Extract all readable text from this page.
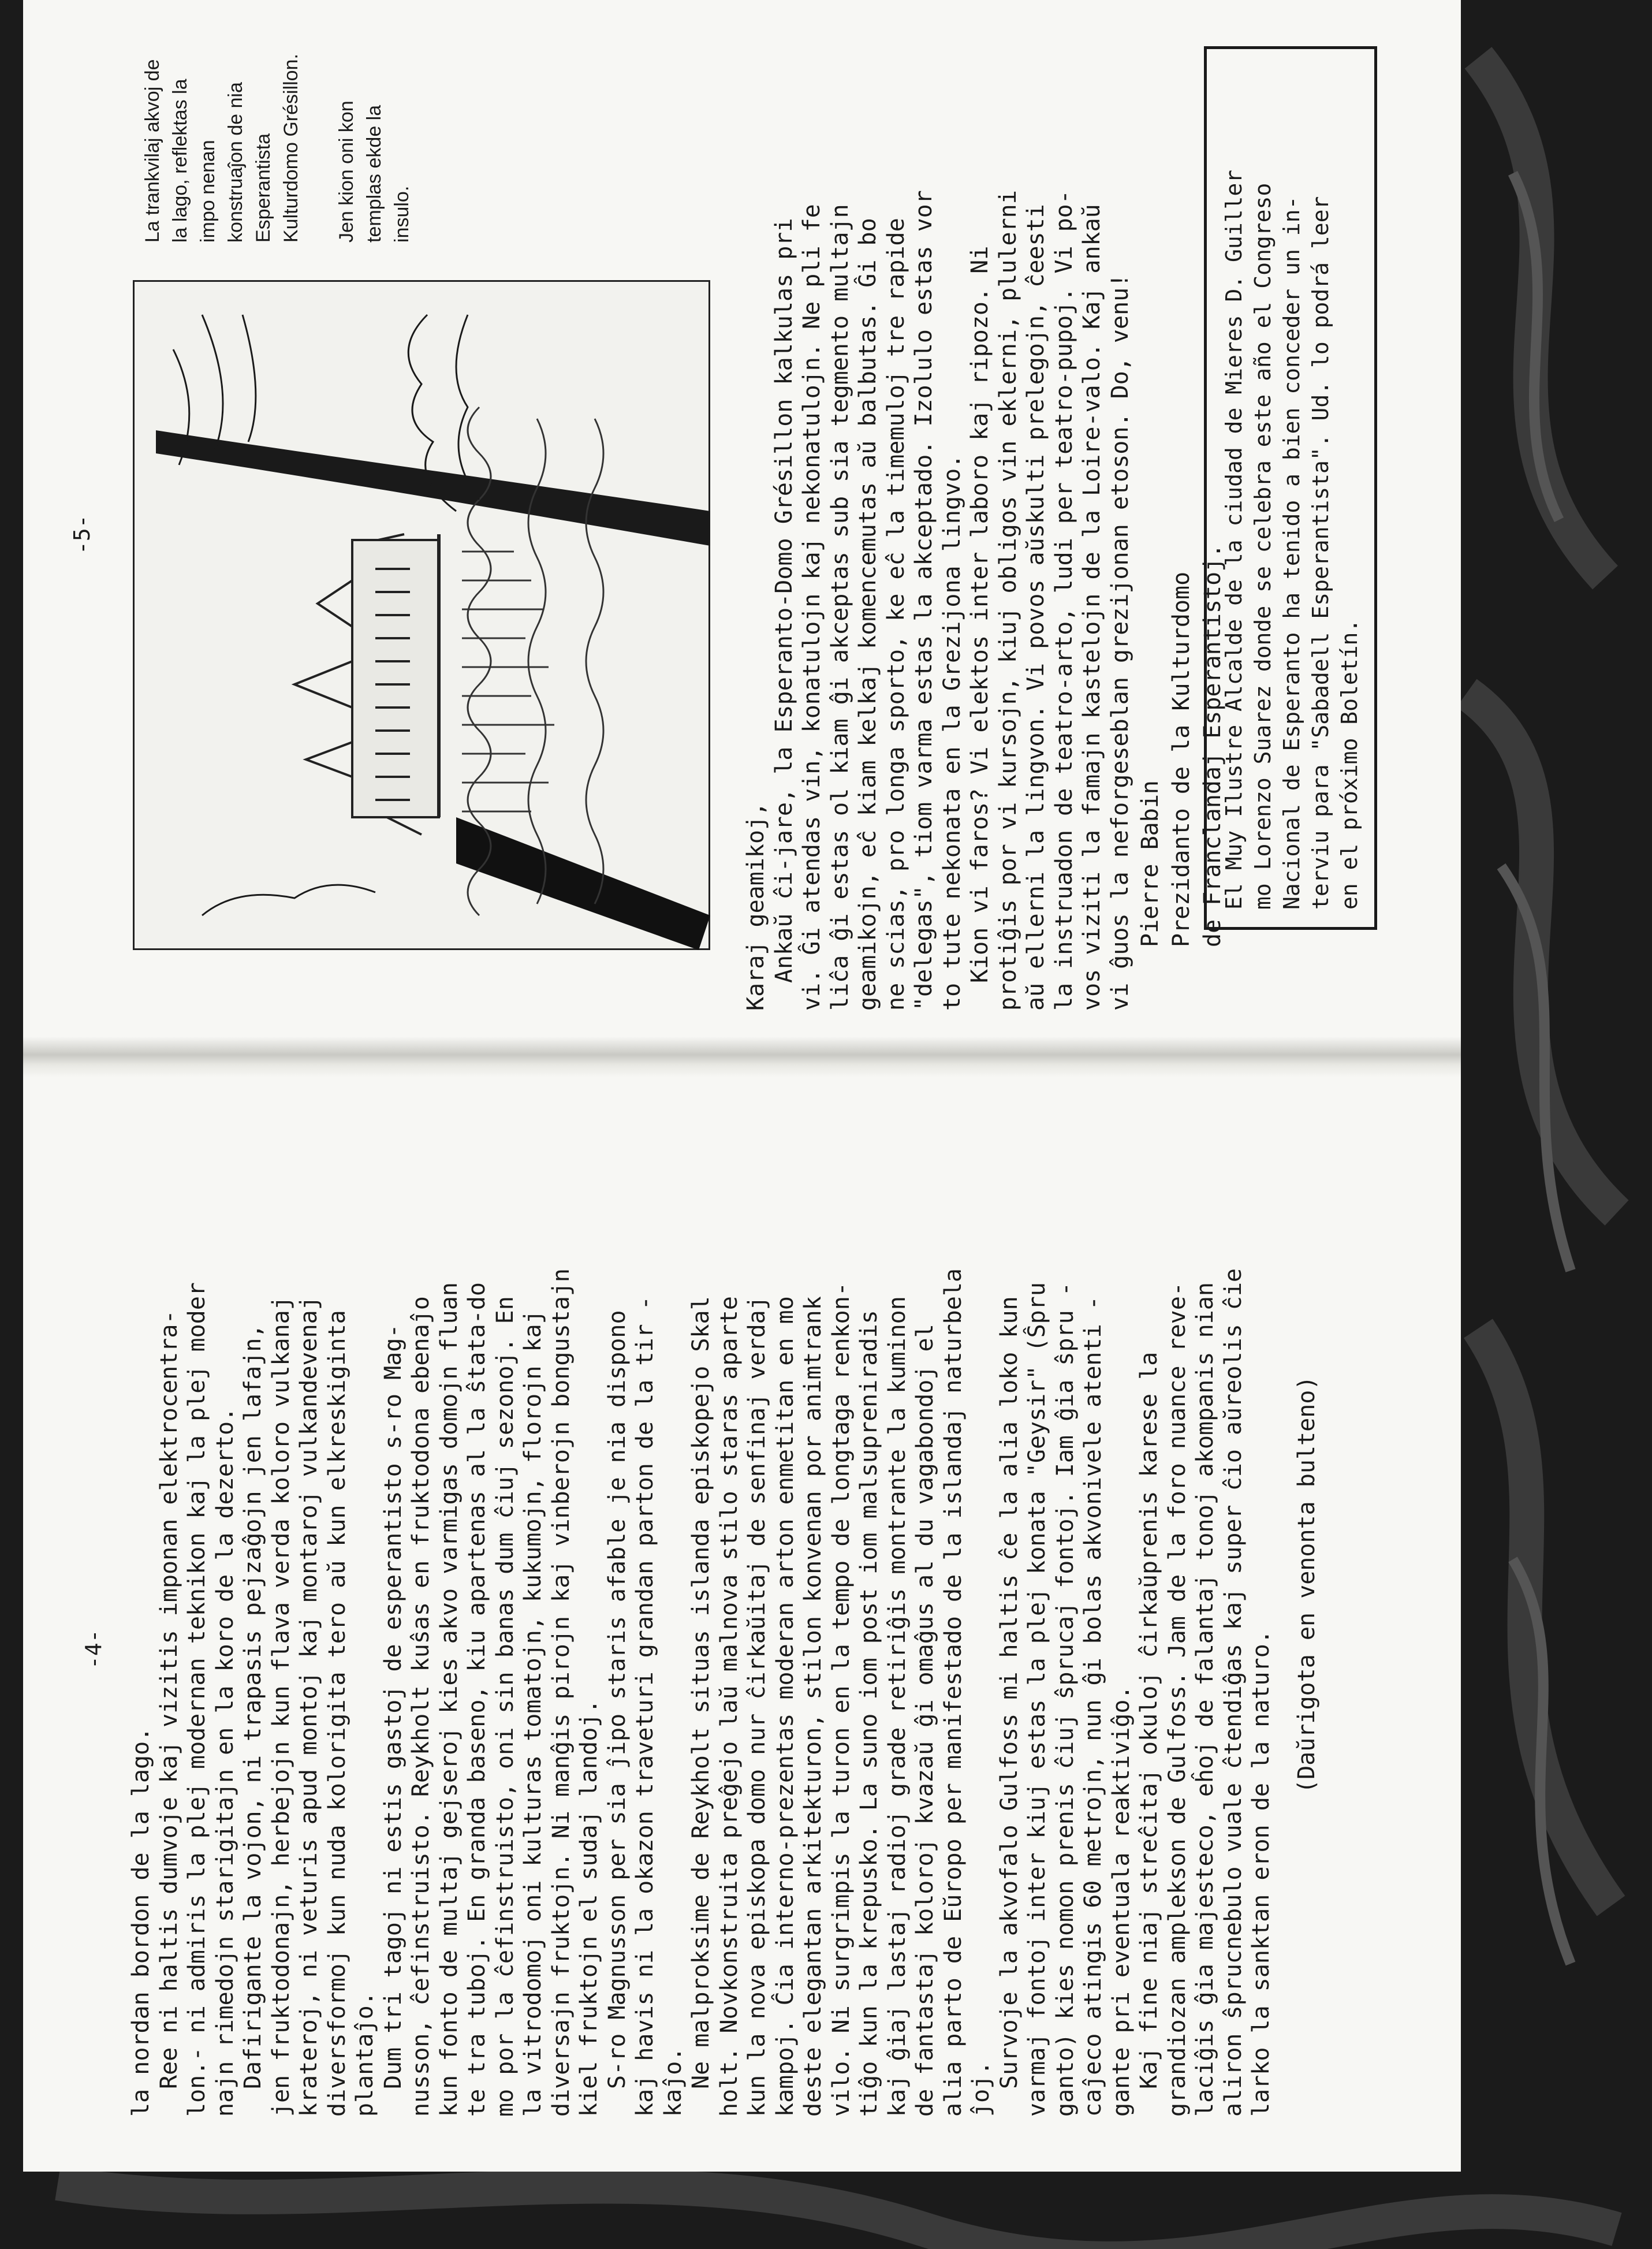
-4-

la nordan bordon de la lago. Ree ni haltis dumvoje kaj vizitis imponan elektrocentra- lon.- ni admiris la plej modernan teknikon kaj la plej moder najn rimedojn starigitajn en la koro de la dezerto. Dafirigante la vojon, ni trapasis pejzaĝojn jen lafajn, jen fruktodonajn, herbejojn kun flava verda koloro vulkanaj krateroj, ni veturis apud montoj kaj montaroj vulkandevenaj diversformoj kun nuda kolorigita tero aŭ kun elkreskiginta plantaĵo. Dum tri tagoj ni estis gastoj de esperantisto s-ro Mag- nusson, ĉefinstruisto. Reykholt kuŝas en fruktodona ebenaĵo kun fonto de multaj gejseroj kies akvo varmigas domojn fluan te tra tuboj. En granda baseno, kiu apartenas al la ŝtata-do mo por la ĉefinstruisto, oni sin banas dum ĉiuj sezonoj. En la vitrodomoj oni kulturas tomatojn, kukumojn, florojn kaj diversajn fruktojn. Ni manĝis pirojn kaj vinberojn bongustajn kiel fruktojn el sudaj landoj. S-ro Magnusson per sia ĵipo staris afable je nia dispono kaj havis ni la okazon traveturi grandan parton de la tir - kaĵo. Ne malproksime de Reykholt situas islanda episkopejo Skal holt. Novkonstruita preĝejo laŭ malnova stilo staras aparte kun la nova episkopa domo nur ĉirkaŭitaj de senfinaj verdaj kampoj. Ĉia interno-prezentas moderan arton enmetitan en mo deste elegantan arkitekturon, stilon konvenan por animtrank vilo. Ni surgrimpis la turon en la tempo de longtaga renkon- tiĝo kun la krepusko. La suno iom post iom malsupreniradis kaj ĝiaj lastaj radioj grade retiriĝis montrante la kuminon de fantastaj koloroj kvazaŭ ĝi omaĝus al du vagabondoj el alia parto de Eŭropo per manifestado de la islandaj naturbela ĵoj. Survoje la akvofalo Gulfoss mi haltis ĉe la alia loko kun varmaj fontoj inter kiuj estas la plej konata "Geysir" (Ŝpru ganto) kies nomon prenis ĉiuj ŝprucaj fontoj. Iam ĝia ŝpru - caĵeco atingis 60 metrojn, nun ĝi bolas akvonivele atenti - gante pri eventuala reaktiviĝo. Kaj fine niaj streĉitaj okuloj ĉirkaŭprenis karese la grandiozan amplekson de Gulfoss. Jam de la foro nuance reve- laciĝis ĝia majesteco, eĥoj de falantaj tonoj akompanis nian aliron ŝprucnebulo vuale ĉtendiĝas kaj super ĉio aŭreolis ĉie larko la sanktan eron de la naturo.

(Daŭrigota en venonta bulteno)
-5-

La trankvilaj akvoj de la lago, reflektas la impo nenan konstruaĵon de nia Esperantista Kulturdomo Grésillon. Jen kion oni kon templas ekde la insulo.

Karaj geamikoj, Ankaŭ ĉi-jare, la Esperanto-Domo Grésillon kalkulas pri vi. Ĝi atendas vin, konatulojn kaj nekonatulojn. Ne pli fe liĉa ĝi estas ol kiam ĝi akceptas sub sia tegmento multajn geamikojn, eĉ kiam kelkaj komencemutas aŭ balbutas. Ĝi bo ne scias, pro longa sporto, ke eĉ la timemuloj tre rapide "delegas", tiom varma estas la akceptado. Izolulo estas vor to tute nekonata en la Grezijona lingvo. Kion vi faros? Vi elektos inter laboro kaj ripozo. Ni protiĝis por vi kursojn, kiuj obligos vin eklerni, plulerni aŭ ellerni la lingvon. Vi povos aŭskulti prelegojn, ĉeesti la instruadon de teatro-arto, ludi per teatro-pupoj. Vi po- vos viziti la famajn kastelojn de la Loire-valo. Kaj ankaŭ vi ĝuos la neforgeseblan grezijonan etoson. Do, venu! Pierre Babin Prezidanto de la Kulturdomo de Franclandaj Esperantistoj.

El Muy Ilustre Alcalde de la ciudad de Mieres D. Guiller mo Lorenzo Suarez donde se celebra este año el Congreso Nacional de Esperanto ha tenido a bien conceder un in- terviu para "Sabadell Esperantista". Ud. lo podrá leer en el próximo Boletín.
